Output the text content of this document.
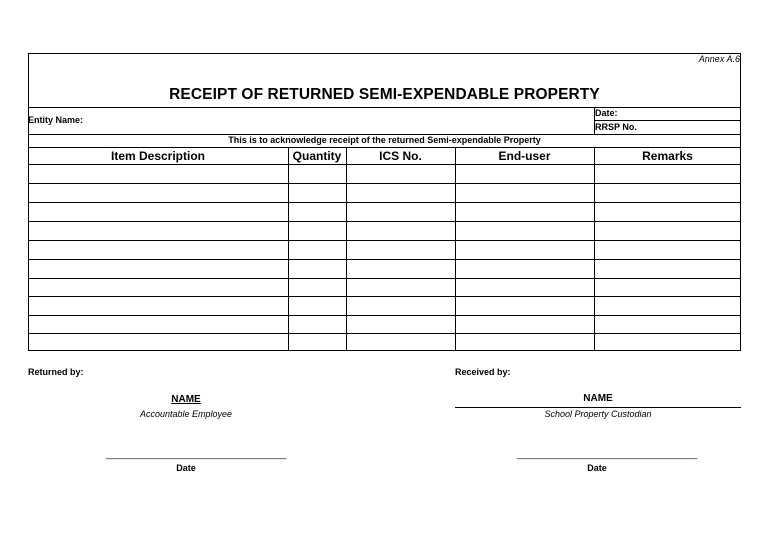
Annex A.6
RECEIPT OF RETURNED SEMI-EXPENDABLE PROPERTY
Entity Name:
Date:
RRSP No.
This is to acknowledge receipt of the returned Semi-expendable Property
Item Description	Quantity	ICS No.	End-user	Remarks
Returned by:
NAME
Accountable Employee
____________________________________
Date
Received by:
NAME
School Property Custodian
____________________________________
Date
